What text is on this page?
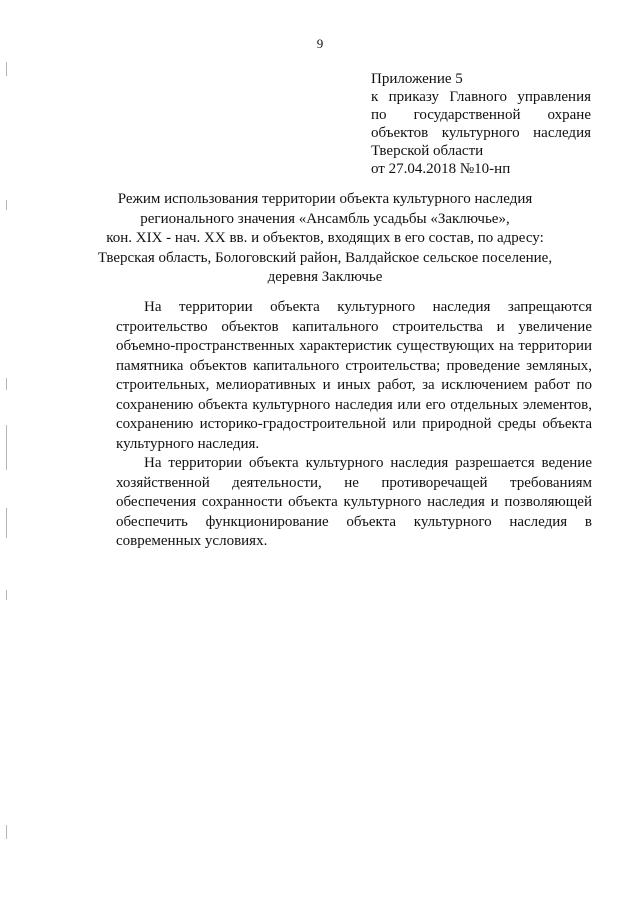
9
Приложение 5
к приказу Главного управления
по государственной охране
объектов культурного наследия
Тверской области
от 27.04.2018 №10-нп
Режим использования территории объекта культурного наследия
регионального значения «Ансамбль усадьбы «Заключье»,
кон. XIX - нач. XX вв. и объектов, входящих в его состав, по адресу:
Тверская область, Бологовский район, Валдайское сельское поселение,
деревня Заключье

На территории объекта культурного наследия запрещаются строительство объектов капитального строительства и увеличение объемно-пространственных характеристик существующих на территории памятника объектов капитального строительства; проведение земляных, строительных, мелиоративных и иных работ, за исключением работ по сохранению объекта культурного наследия или его отдельных элементов, сохранению историко-градостроительной или природной среды объекта культурного наследия.

На территории объекта культурного наследия разрешается ведение хозяйственной деятельности, не противоречащей требованиям обеспечения сохранности объекта культурного наследия и позволяющей обеспечить функционирование объекта культурного наследия в современных условиях.
